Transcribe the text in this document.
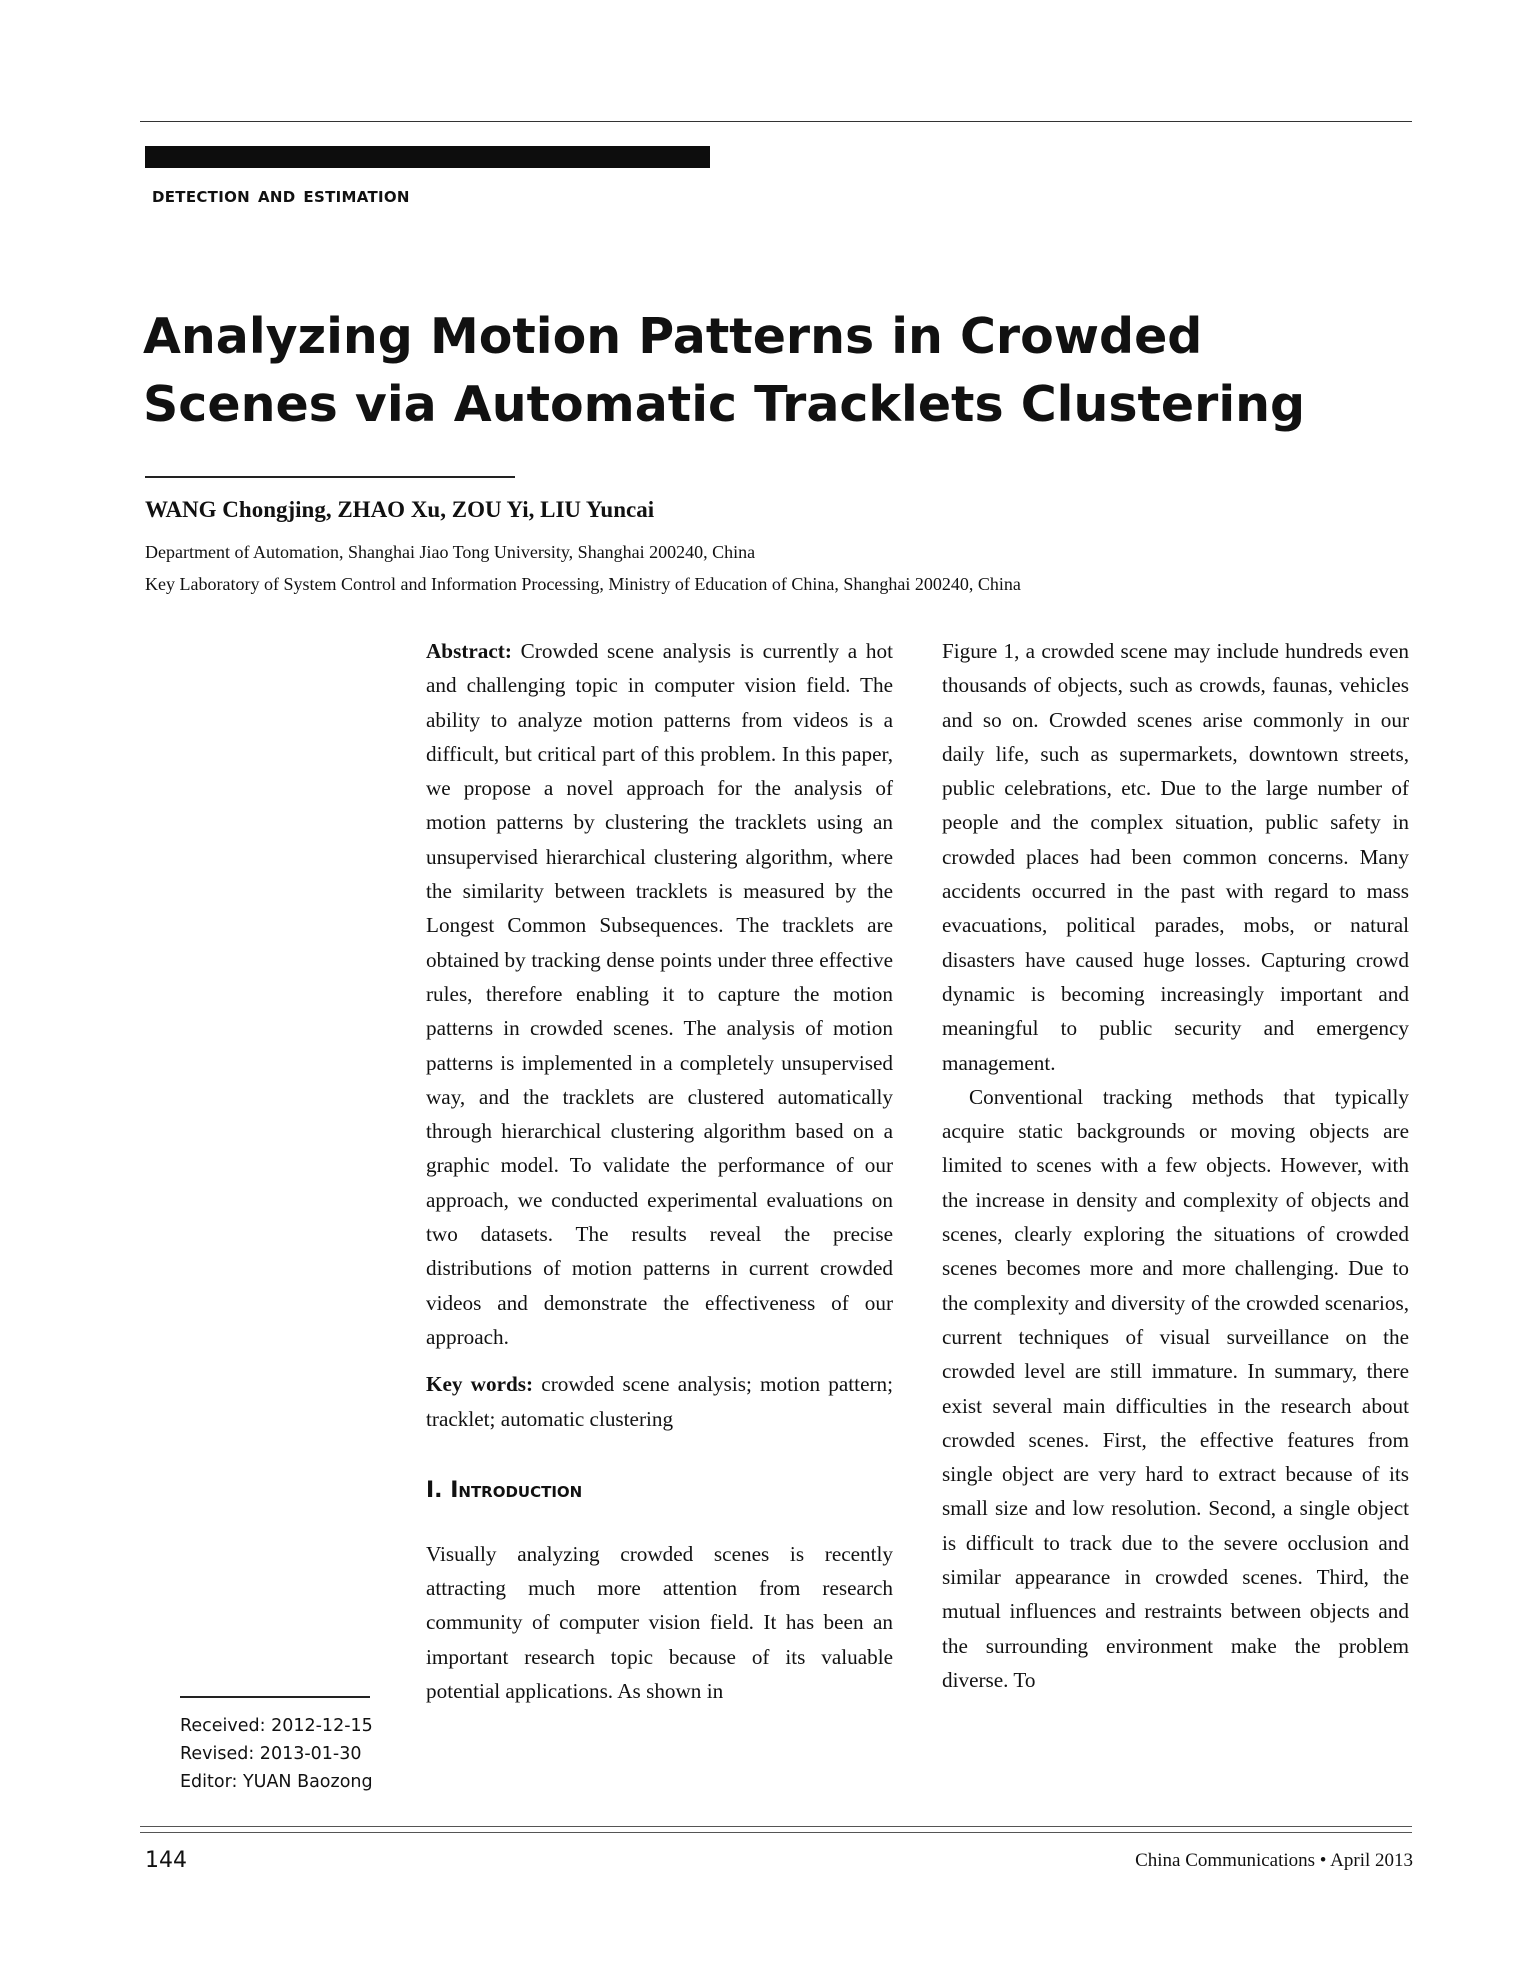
detection and estimation
Analyzing Motion Patterns in Crowded Scenes via Automatic Tracklets Clustering
WANG Chongjing, ZHAO Xu, ZOU Yi, LIU Yuncai
Department of Automation, Shanghai Jiao Tong University, Shanghai 200240, China
Key Laboratory of System Control and Information Processing, Ministry of Education of China, Shanghai 200240, China

Abstract: Crowded scene analysis is currently a hot and challenging topic in computer vision field. The ability to analyze motion patterns from videos is a difficult, but critical part of this problem. In this paper, we propose a novel approach for the analysis of motion patterns by clustering the tracklets using an unsupervised hierarchical clustering algorithm, where the similarity between tracklets is measured by the Longest Common Subsequences. The tracklets are obtained by tracking dense points under three effective rules, therefore enabling it to capture the motion patterns in crowded scenes. The analysis of motion patterns is implemented in a completely unsupervised way, and the tracklets are clustered automatically through hierarchical clustering algorithm based on a graphic model. To validate the performance of our approach, we conducted experimental evaluations on two datasets. The results reveal the precise distributions of motion patterns in current crowded videos and demonstrate the effectiveness of our approach.

Key words: crowded scene analysis; motion pattern; tracklet; automatic clustering

I. Introduction

Visually analyzing crowded scenes is recently attracting much more attention from research community of computer vision field. It has been an important research topic because of its valuable potential applications. As shown in

Figure 1, a crowded scene may include hundreds even thousands of objects, such as crowds, faunas, vehicles and so on. Crowded scenes arise commonly in our daily life, such as supermarkets, downtown streets, public celebrations, etc. Due to the large number of people and the complex situation, public safety in crowded places had been common concerns. Many accidents occurred in the past with regard to mass evacuations, political parades, mobs, or natural disasters have caused huge losses. Capturing crowd dynamic is becoming increasingly important and meaningful to public security and emergency management.

Conventional tracking methods that typically acquire static backgrounds or moving objects are limited to scenes with a few objects. However, with the increase in density and complexity of objects and scenes, clearly exploring the situations of crowded scenes becomes more and more challenging. Due to the complexity and diversity of the crowded scenarios, current techniques of visual surveillance on the crowded level are still immature. In summary, there exist several main difficulties in the research about crowded scenes. First, the effective features from single object are very hard to extract because of its small size and low resolution. Second, a single object is difficult to track due to the severe occlusion and similar appearance in crowded scenes. Third, the mutual influences and restraints between objects and the surrounding environment make the problem diverse. To

Received: 2012-12-15
Revised: 2013-01-30
Editor: YUAN Baozong
144	China Communications • April 2013
